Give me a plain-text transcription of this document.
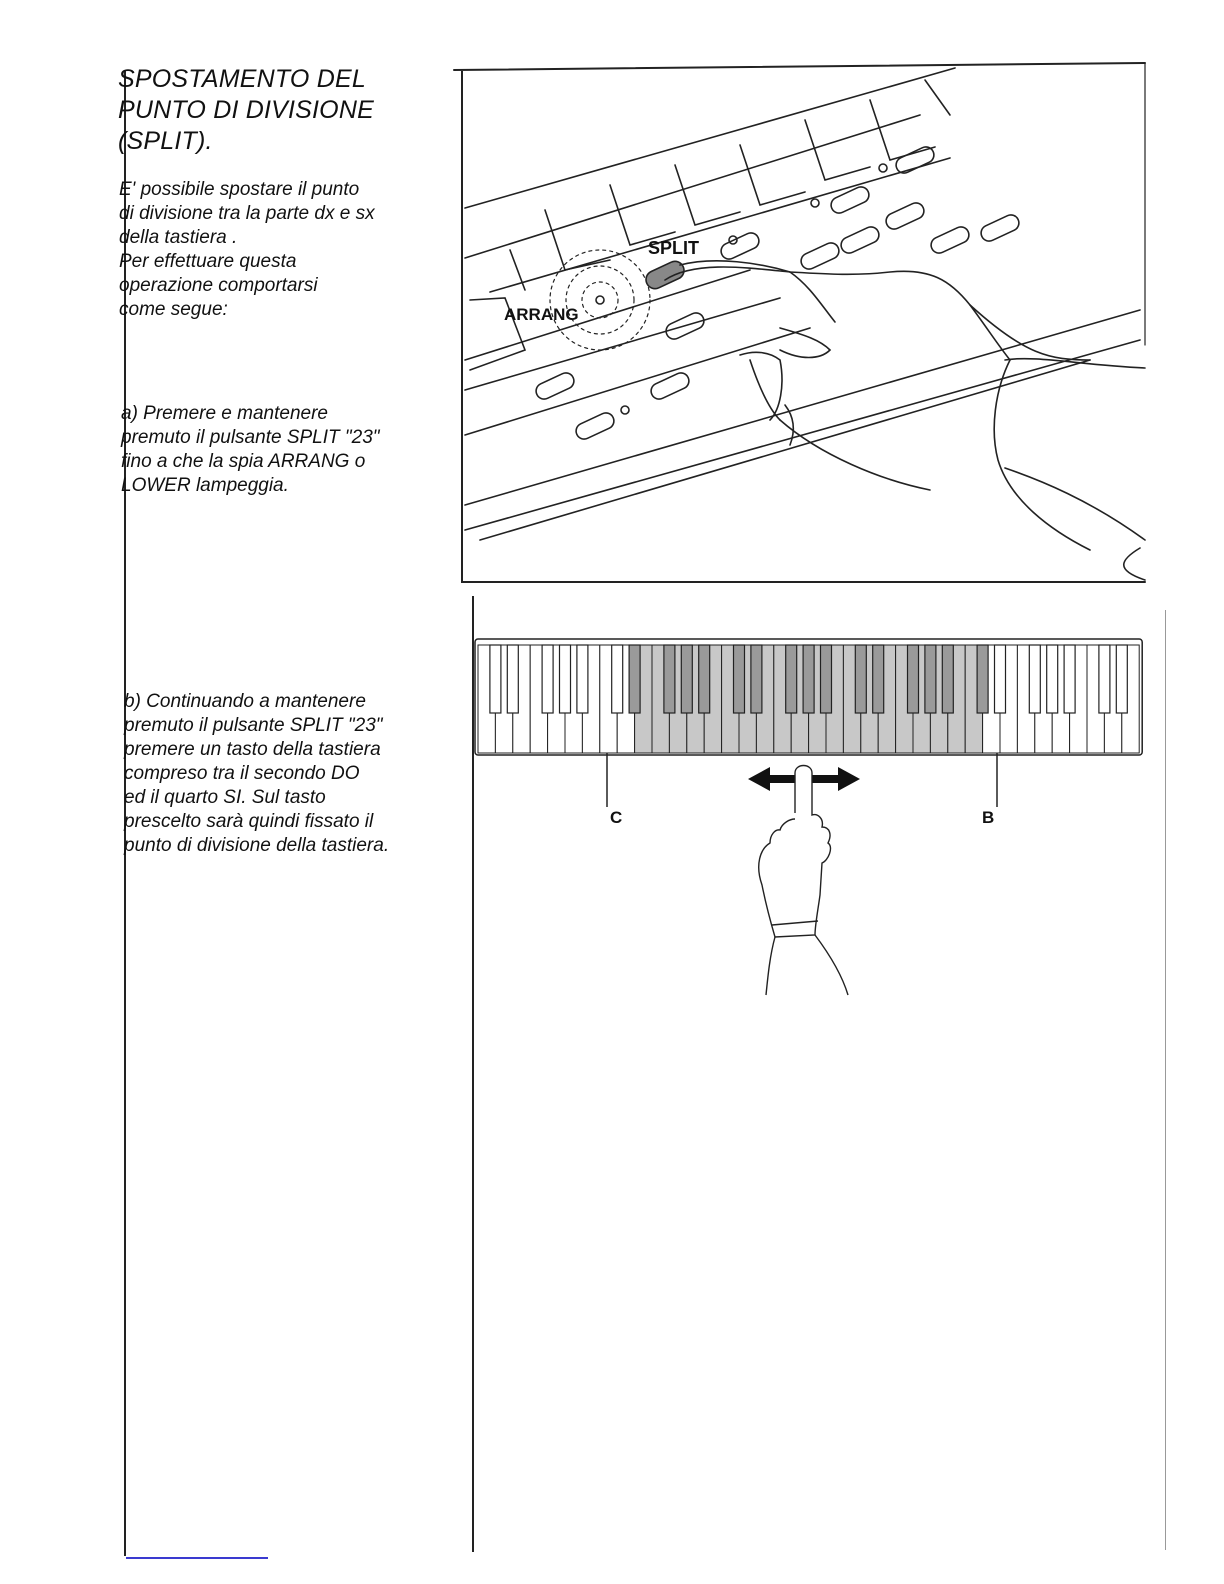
SPOSTAMENTO DEL
PUNTO DI DIVISIONE
(SPLIT).

E' possibile spostare il punto
di divisione tra la parte dx e sx
della tastiera .
Per effettuare questa
operazione comportarsi
come segue:

a) Premere e mantenere
premuto il pulsante SPLIT "23"
fino a che la spia ARRANG o
LOWER lampeggia.

b) Continuando a mantenere
premuto il pulsante SPLIT "23"
premere un tasto della tastiera
compreso tra il secondo DO
ed il quarto SI. Sul tasto
prescelto sarà quindi fissato il
punto di divisione della tastiera.

SPLIT
ARRANG
C	B
